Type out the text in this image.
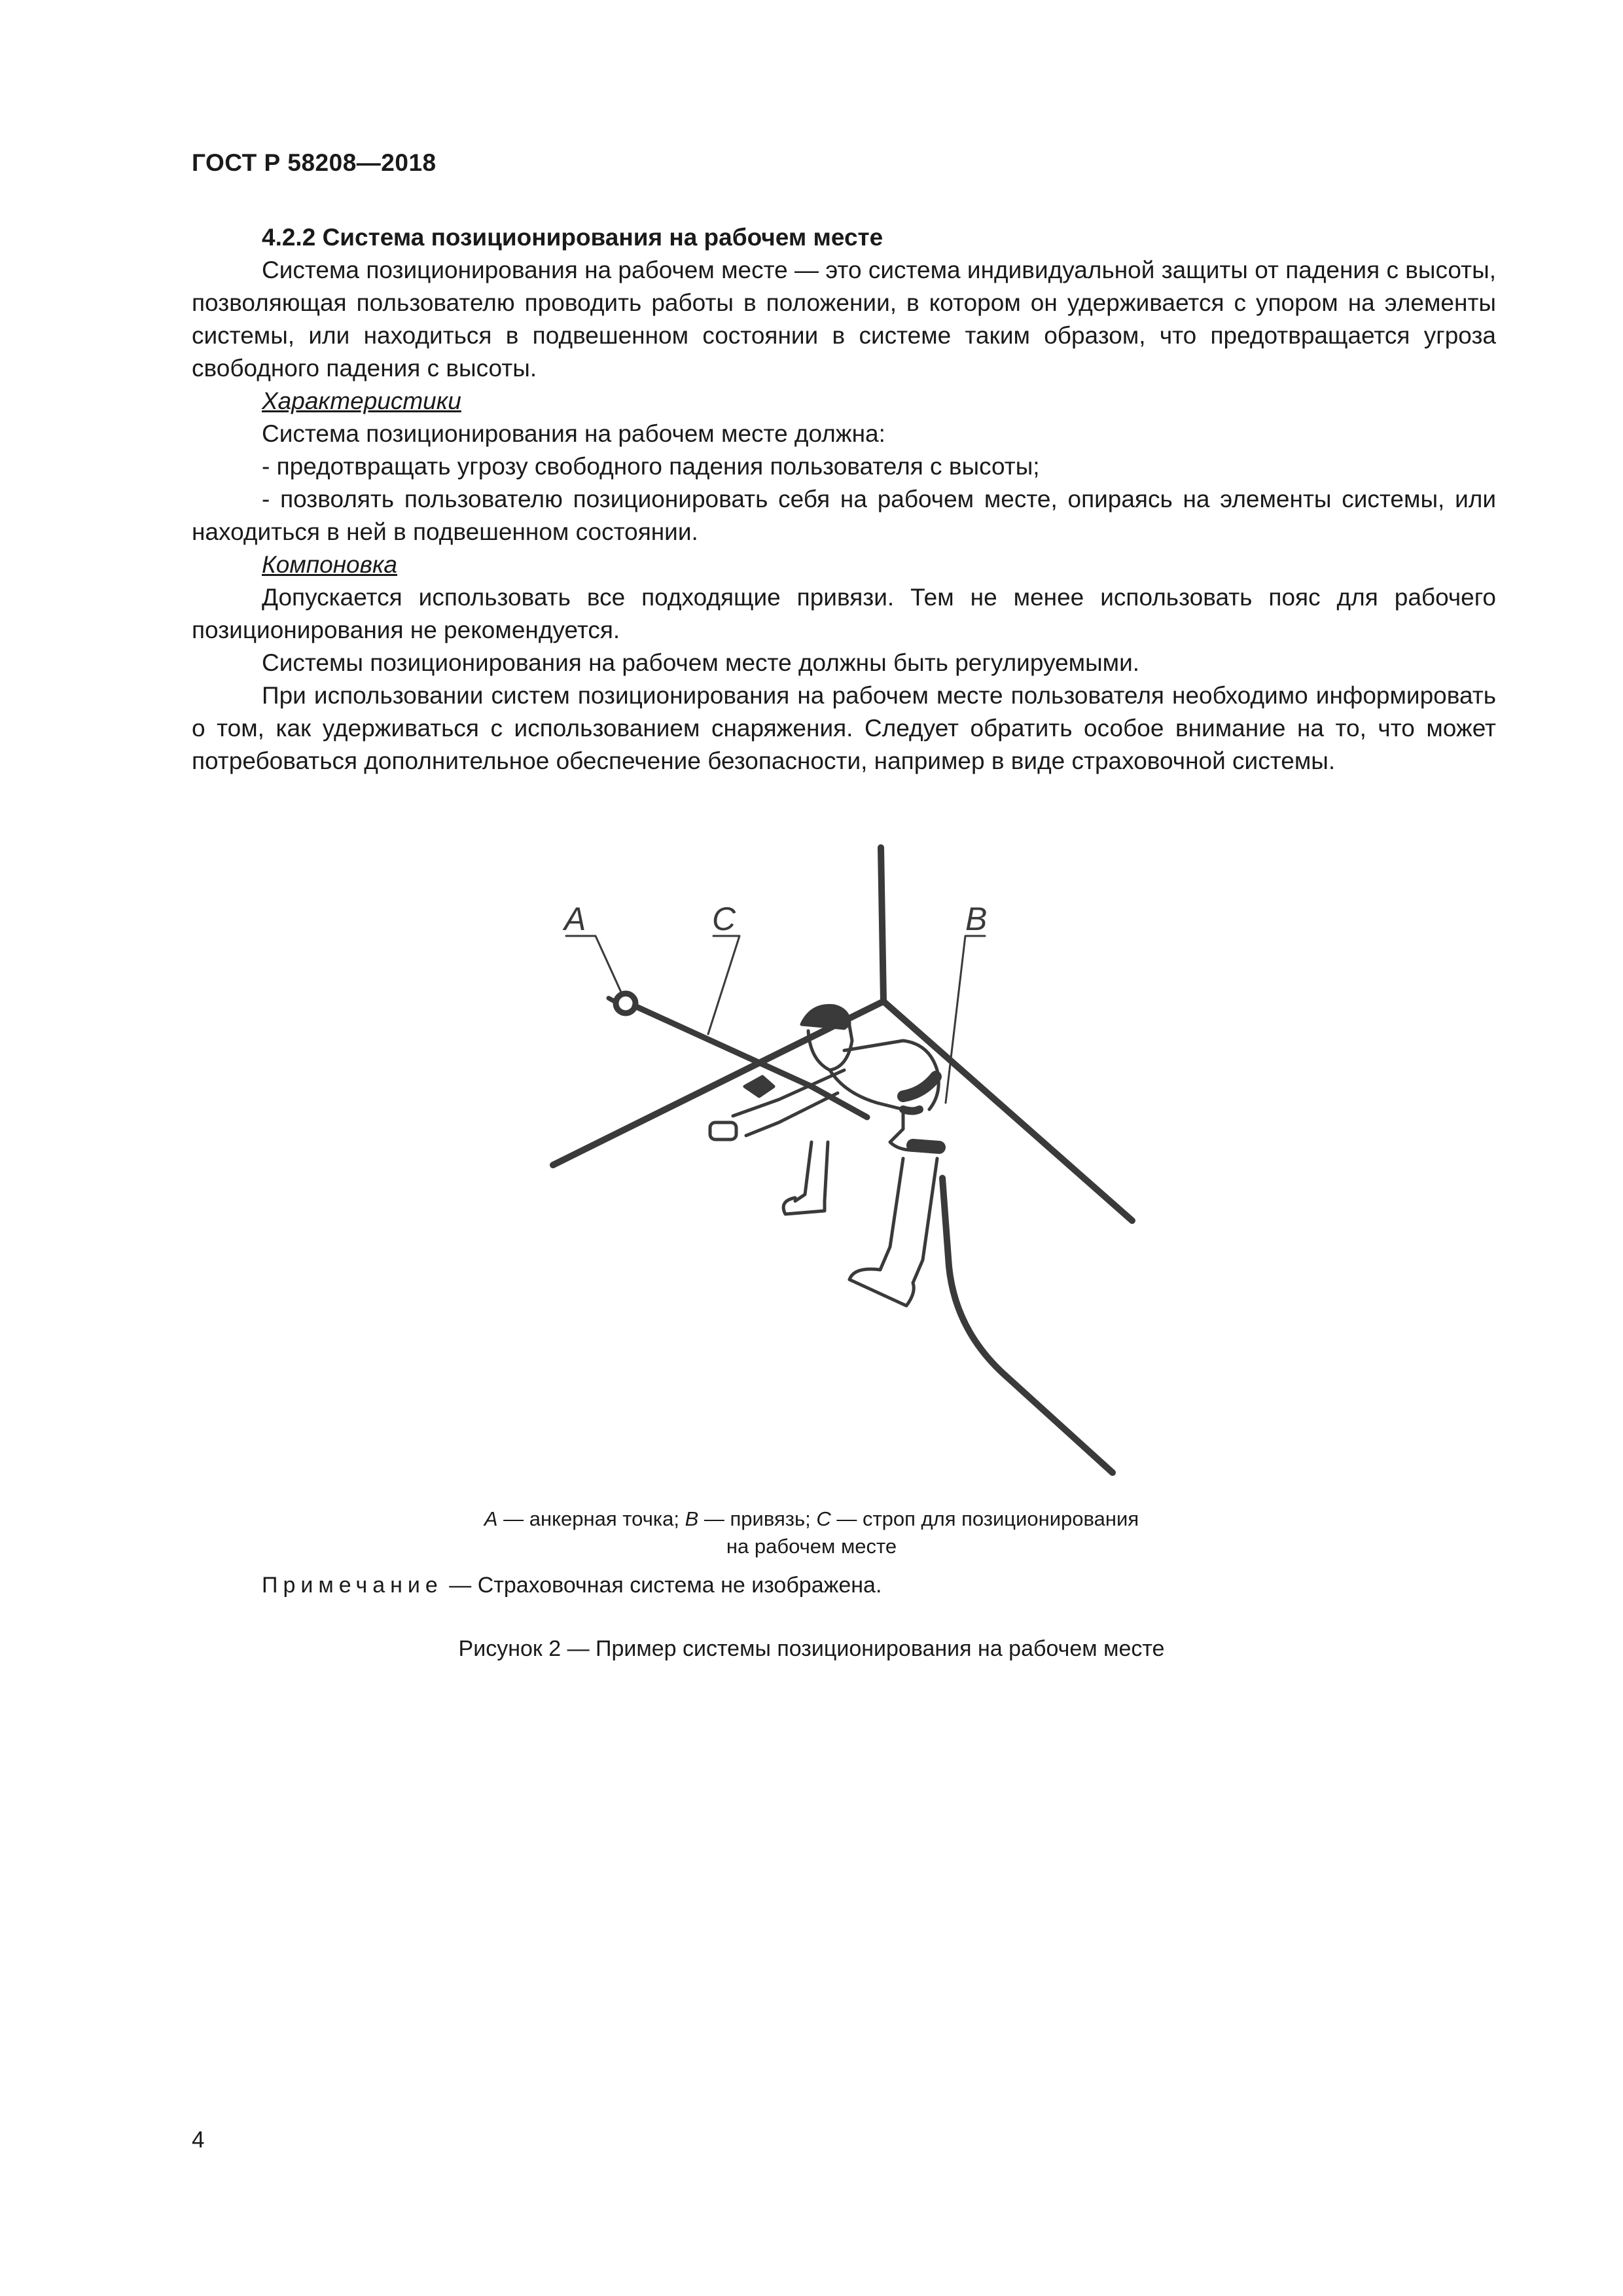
ГОСТ Р 58208—2018

4.2.2 Система позиционирования на рабочем месте

Система позиционирования на рабочем месте — это система индивидуальной защиты от падения с высоты, позволяющая пользователю проводить работы в положении, в котором он удерживается с упором на элементы системы, или находиться в подвешенном состоянии в системе таким образом, что предотвращается угроза свободного падения с высоты.

Характеристики

Система позиционирования на рабочем месте должна:

- предотвращать угрозу свободного падения пользователя с высоты;

- позволять пользователю позиционировать себя на рабочем месте, опираясь на элементы системы, или находиться в ней в подвешенном состоянии.

Компоновка

Допускается использовать все подходящие привязи. Тем не менее использовать пояс для рабочего позиционирования не рекомендуется.

Системы позиционирования на рабочем месте должны быть регулируемыми.

При использовании систем позиционирования на рабочем месте пользователя необходимо информировать о том, как удерживаться с использованием снаряжения. Следует обратить особое внимание на то, что может потребоваться дополнительное обеспечение безопасности, например в виде страховочной системы.

A	C	B
A — анкерная точка; B — привязь; C — строп для позиционирования
на рабочем месте
Примечание — Страховочная система не изображена.
Рисунок 2 — Пример системы позиционирования на рабочем месте
4
